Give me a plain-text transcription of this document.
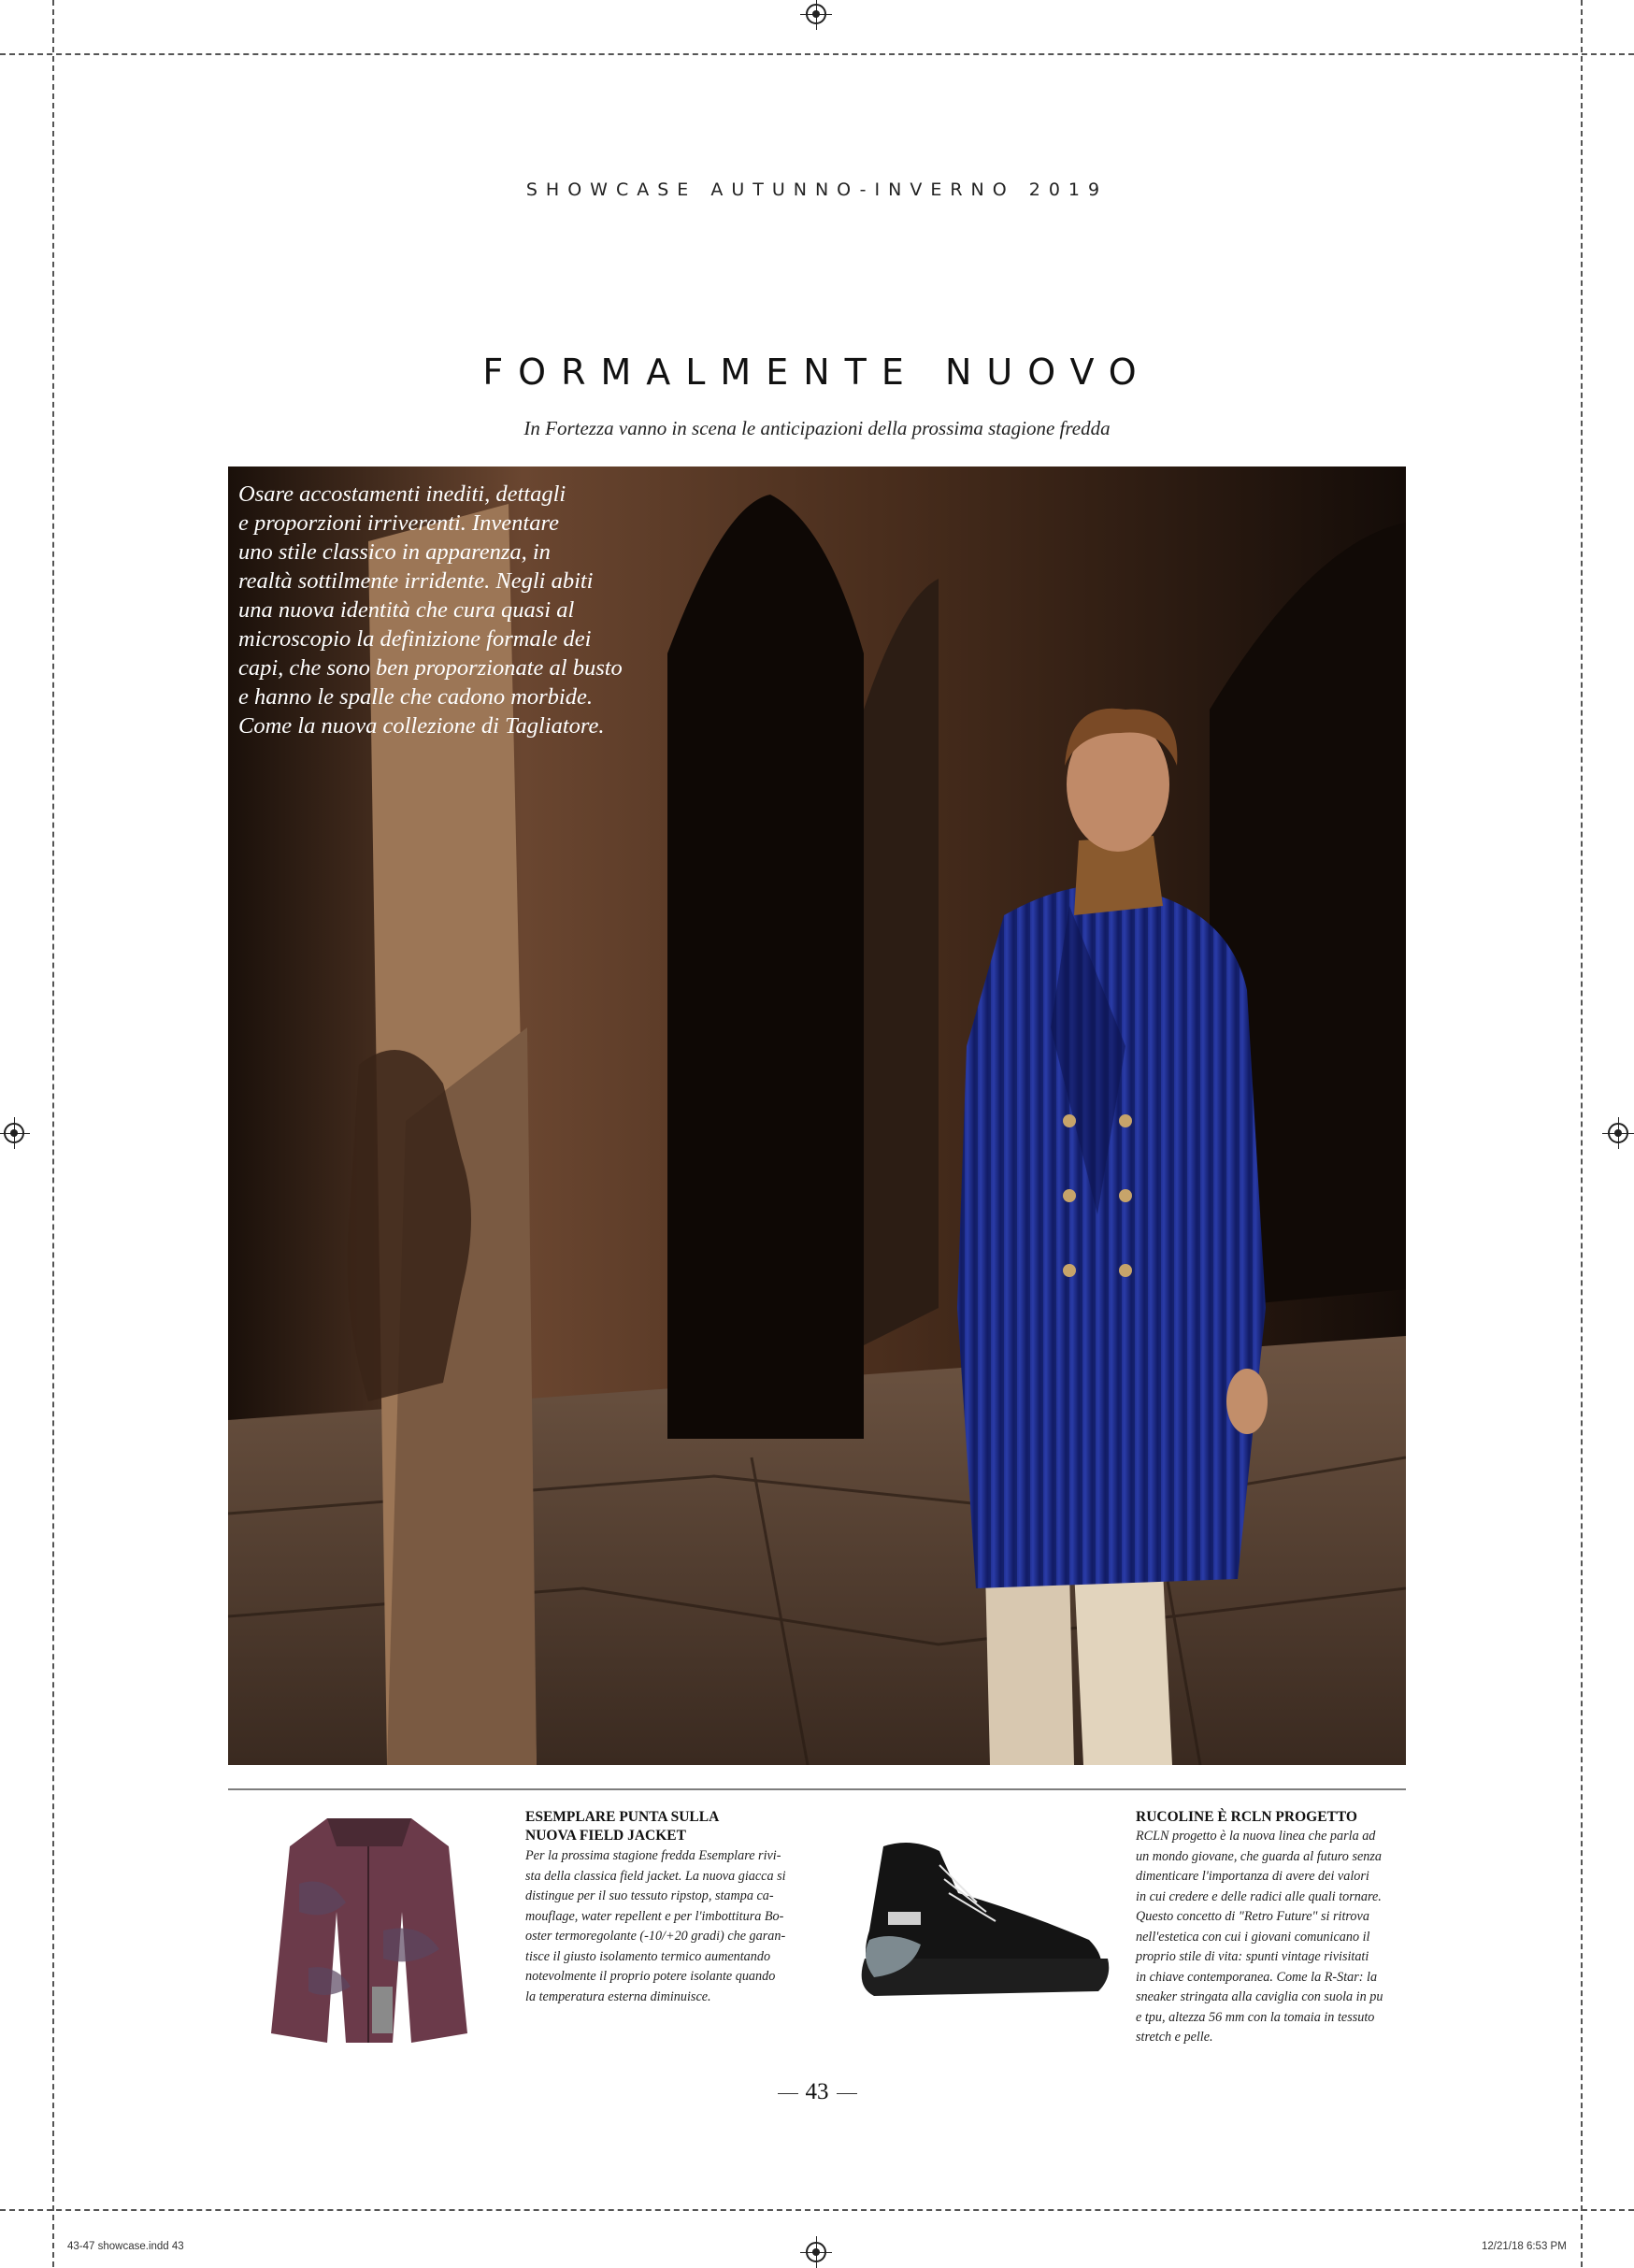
SHOWCASE AUTUNNO-INVERNO 2019
FORMALMENTE NUOVO
In Fortezza vanno in scena le anticipazioni della prossima stagione fredda
Osare accostamenti inediti, dettagli
e proporzioni irriverenti. Inventare
uno stile classico in apparenza, in
realtà sottilmente irridente. Negli abiti
una nuova identità che cura quasi al
microscopio la definizione formale dei
capi, che sono ben proporzionate al busto
e hanno le spalle che cadono morbide.
Come la nuova collezione di Tagliatore.
ESEMPLARE PUNTA SULLA
NUOVA FIELD JACKET
Per la prossima stagione fredda Esemplare rivi-
sta della classica field jacket. La nuova giacca si
distingue per il suo tessuto ripstop, stampa ca-
mouflage, water repellent e per l'imbottitura Bo-
oster termoregolante (-10/+20 gradi) che garan-
tisce il giusto isolamento termico aumentando
notevolmente il proprio potere isolante quando
la temperatura esterna diminuisce.
RUCOLINE È RCLN PROGETTO
RCLN progetto è la nuova linea che parla ad
un mondo giovane, che guarda al futuro senza
dimenticare l'importanza di avere dei valori
in cui credere e delle radici alle quali tornare.
Questo concetto di "Retro Future" si ritrova
nell'estetica con cui i giovani comunicano il
proprio stile di vita: spunti vintage rivisitati
in chiave contemporanea. Come la R-Star: la
sneaker stringata alla caviglia con suola in pu
e tpu, altezza 56 mm con la tomaia in tessuto
stretch e pelle.
43
43-47 showcase.indd 43	12/21/18 6:53 PM
